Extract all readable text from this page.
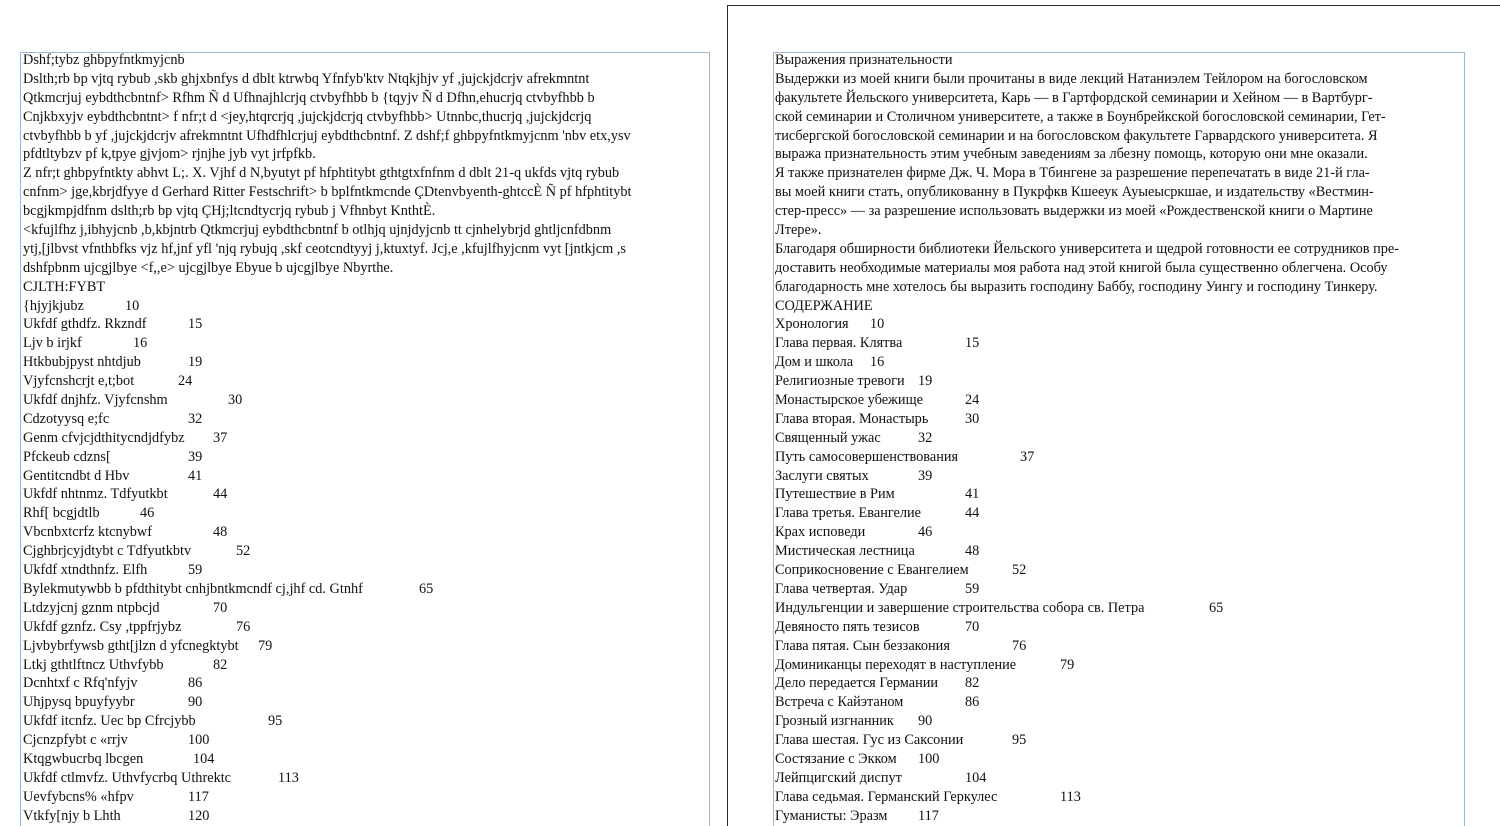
Dshf;tybz ghbpyfntkmyjcnb
Dslth;rb bp vjtq rybub ,skb ghjxbnfys d dblt ktrwbq Yfnfyb'ktv Ntqkjhjv yf ,jujckjdcrjv afrekmntnt
Qtkmcrjuj eybdthcbntnf> Rfhm Ñ d Ufhnajhlcrjq ctvbyfhbb b {tqyjv Ñ d Dfhn,ehucrjq ctvbyfhbb b
Cnjkbxyjv eybdthcbntnt> f nfr;t d <jey,htqrcrjq ,jujckjdcrjq ctvbyfhbb> Utnnbc,thucrjq ,jujckjdcrjq
ctvbyfhbb b yf ,jujckjdcrjv afrekmntnt Ufhdfhlcrjuj eybdthcbntnf. Z dshf;f ghbpyfntkmyjcnm 'nbv etx,ysv
pfdtltybzv pf k,tpye gjvjom> rjnjhe jyb vyt jrfpfkb.
Z nfr;t ghbpyfntkty abhvt L;. X. Vjhf d N,byutyt pf hfphtitybt gthtgtxfnfnm d dblt 21-q ukfds vjtq rybub
cnfnm> jge,kbrjdfyye d Gerhard Ritter Festschrift> b bplfntkmcnde ÇDtenvbyenth-ghtccÈ Ñ pf hfphtitybt
bcgjkmpjdfnm dslth;rb bp vjtq ÇHj;ltcndtycrjq rybub j Vfhnbyt KnthtÈ.
<kfujlfhz j,ibhyjcnb ,b,kbjntrb Qtkmcrjuj eybdthcbntnf b otlhjq ujnjdyjcnb tt cjnhelybrjd ghtljcnfdbnm
ytj,[jlbvst vfnthbfks vjz hf,jnf yfl 'njq rybujq ,skf ceotcndtyyj j,ktuxtyf. Jcj,e ,kfujlfhyjcnm vyt [jntkjcm ,s
dshfpbnm ujcgjlbye <f,,e> ujcgjlbye Ebyue b ujcgjlbye Nbyrthe.
CJLTH:FYBT
{hjyjkjubz	10
Ukfdf gthdfz. Rkzndf	15
Ljv b irjkf	16
Htkbubjpyst nhtdjub	19
Vjyfcnshcrjt e,t;bot	24
Ukfdf dnjhfz. Vjyfcnshm	30
Cdzotyysq e;fc	32
Genm cfvjcjdthitycndjdfybz 37
Pfckeub cdzns[	39
Gentitcndbt d Hbv	41
Ukfdf nhtnmz. Tdfyutkbt	44
Rhf[ bcgjdtlb	46
Vbcnbxtcrfz ktcnybwf	48
Cjghbrjcyjdtybt c Tdfyutkbtv	52
Ukfdf xtndthnfz. Elfh	59
Bylekmutywbb b pfdthitybt cnhjbntkmcndf cj,jhf cd. Gtnhf	65
Ltdzyjcnj gznm ntpbcjd	70
Ukfdf gznfz. Csy ,tppfrjybz	76
Ljvbybrfywsb gtht[jlzn d yfcnegktybt 79
Ltkj gthtlftncz Uthvfybb	82
Dcnhtxf c Rfq'nfyjv	86
Uhjpysq bpuyfyybr	90
Ukfdf itcnfz. Uec bp Cfrcjybb	95
Cjcnzpfybt c «rrjv	100
Ktqgwbucrbq lbcgen	104
Ukfdf ctlmvfz. Uthvfycrbq Uthrektc	113
Uevfybcns% «hfpv	117
Vtkfy[njy b Lhth	120
Выражения признательности
Выдержки из моей книги были прочитаны в виде лекций Натаниэлем Тейлором на богословском
факультете Йельского университета, Карь — в Гартфордской семинарии и Хейном — в Вартбург-
ской семинарии и Столичном университете, а также в Боунбрейкской богословской семинарии, Гет-
тисбергской богословской семинарии и на богословском факультете Гарвардского университета. Я
выража признательность этим учебным заведениям за лбезну помощь, которую они мне оказали.
Я также признателен фирме Дж. Ч. Мора в Тбингене за разрешение перепечатать в виде 21-й гла-
вы моей книги стать, опубликованну в Пукрфкв Кшееук Ауыеысркшае, и издательству «Вестмин-
стер-пресс» — за разрешение использовать выдержки из моей «Рождественской книги о Мартине
Лтере».
Благодаря обширности библиотеки Йельского университета и щедрой готовности ее сотрудников пре-
доставить необходимые материалы моя работа над этой книгой была существенно облегчена. Особу
благодарность мне хотелось бы выразить господину Баббу, господину Уингу и господину Тинкеру.
СОДЕРЖАНИЕ
Хронология 10
Глава первая. Клятва	15
Дом и школа 16
Религиозные тревоги 19
Монастырское убежище	24
Глава вторая. Монастырь	30
Священный ужас	32
Путь самосовершенствования	37
Заслуги святых	39
Путешествие в Рим	41
Глава третья. Евангелие	44
Крах исповеди	46
Мистическая лестница	48
Соприкосновение с Евангелием	52
Глава четвертая. Удар	59
Индульгенции и завершение строительства собора св. Петра	65
Девяносто пять тезисов	70
Глава пятая. Сын беззакония	76
Доминиканцы переходят в наступление	79
Дело передается Германии 82
Встреча с Кайэтаном	86
Грозный изгнанник 90
Глава шестая. Гус из Саксонии	95
Состязание с Экком 100
Лейпцигский диспут	104
Глава седьмая. Германский Геркулес	113
Гуманисты: Эразм 117
